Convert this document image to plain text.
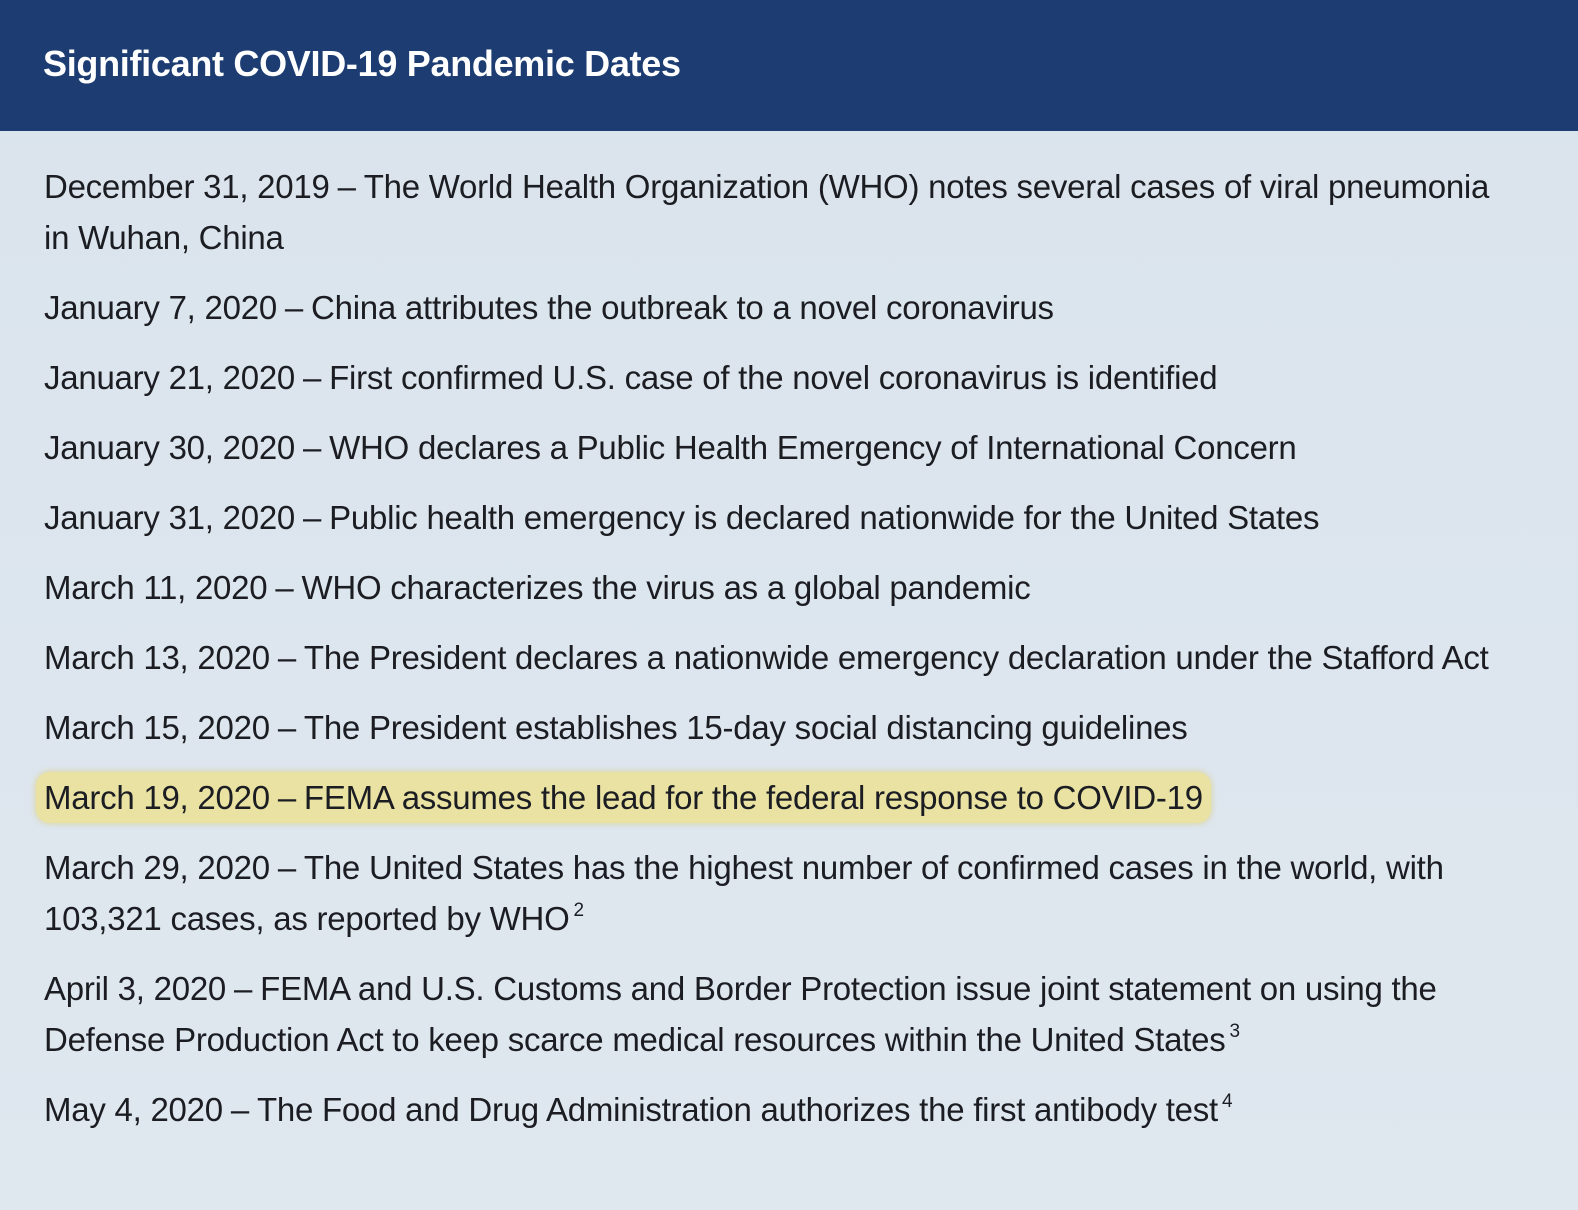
Significant COVID-19 Pandemic Dates
December 31, 2019 – The World Health Organization (WHO) notes several cases of viral pneumonia in Wuhan, China
January 7, 2020 – China attributes the outbreak to a novel coronavirus
January 21, 2020 – First confirmed U.S. case of the novel coronavirus is identified
January 30, 2020 – WHO declares a Public Health Emergency of International Concern
January 31, 2020 – Public health emergency is declared nationwide for the United States
March 11, 2020 – WHO characterizes the virus as a global pandemic
March 13, 2020 – The President declares a nationwide emergency declaration under the Stafford Act
March 15, 2020 – The President establishes 15-day social distancing guidelines
March 19, 2020 – FEMA assumes the lead for the federal response to COVID-19
March 29, 2020 – The United States has the highest number of confirmed cases in the world, with 103,321 cases, as reported by WHO $^2$
April 3, 2020 – FEMA and U.S. Customs and Border Protection issue joint statement on using the Defense Production Act to keep scarce medical resources within the United States $^3$
May 4, 2020 – The Food and Drug Administration authorizes the first antibody test $^4$
